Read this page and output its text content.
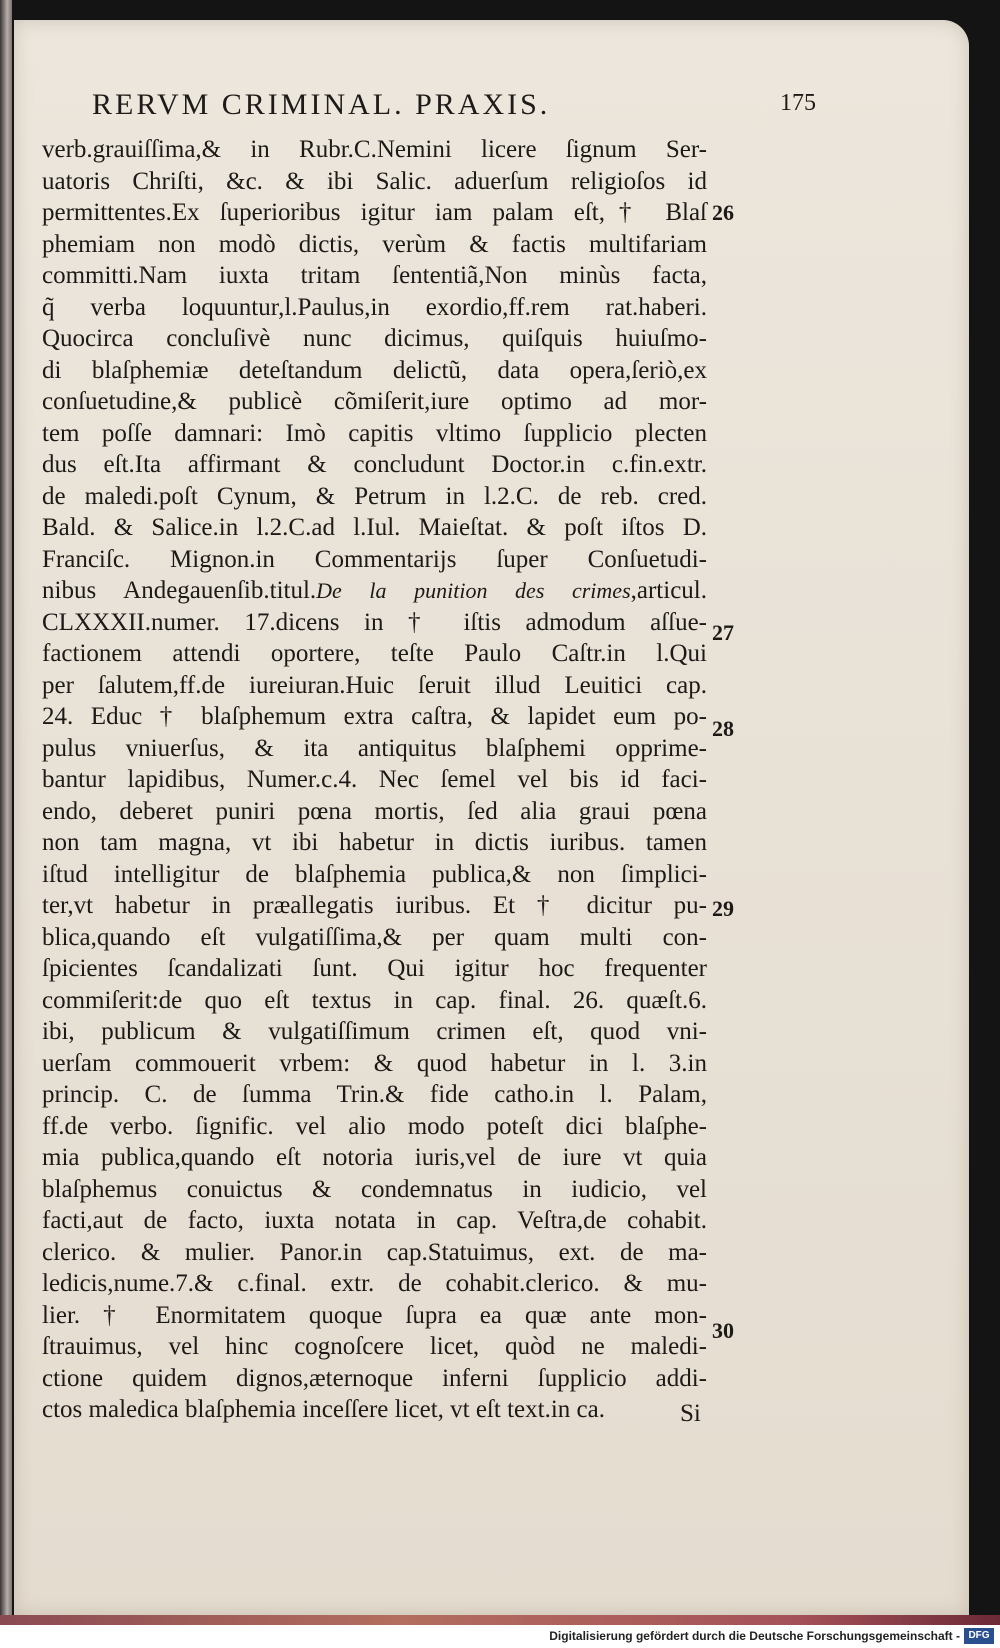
RERVM CRIMINAL. PRAXIS.	175
verb.grauiſſima,& in Rubr.C.Nemini licere ſignum Ser-
uatoris Chriſti, &c. & ibi Salic. aduerſum religioſos id
permittentes.Ex ſuperioribus igitur iam palam eſt,† Blaſ
phemiam non modò dictis, verùm & factis multifariam
committi.Nam iuxta tritam ſententiã,Non minùs facta,
q̃ verba loquuntur,l.Paulus,in exordio,ff.rem rat.haberi.
Quocirca concluſivè nunc dicimus, quiſquis huiuſmo-
di blaſphemiæ deteſtandum delictũ, data opera,ſeriò,ex
conſuetudine,& publicè cõmiſerit,iure optimo ad mor-
tem poſſe damnari: Imò capitis vltimo ſupplicio plecten
dus eſt.Ita affirmant & concludunt Doctor.in c.fin.extr.
de maledi.poſt Cynum, & Petrum in l.2.C. de reb. cred.
Bald. & Salice.in l.2.C.ad l.Iul. Maieſtat. & poſt iſtos D.
Franciſc. Mignon.in Commentarijs ſuper Conſuetudi-
nibus Andegauenſib.titul.De la punition des crimes,articul.
CLXXXII.numer. 17.dicens in † iſtis admodum aſſue-
factionem attendi oportere, teſte Paulo Caſtr.in l.Qui
per ſalutem,ff.de iureiuran.Huic ſeruit illud Leuitici cap.
24. Educ † blaſphemum extra caſtra, & lapidet eum po-
pulus vniuerſus, & ita antiquitus blaſphemi opprime-
bantur lapidibus, Numer.c.4. Nec ſemel vel bis id faci-
endo, deberet puniri pœna mortis, ſed alia graui pœna
non tam magna, vt ibi habetur in dictis iuribus. tamen
iſtud intelligitur de blaſphemia publica,& non ſimplici-
ter,vt habetur in præallegatis iuribus. Et † dicitur pu-
blica,quando eſt vulgatiſſima,& per quam multi con-
ſpicientes ſcandalizati ſunt. Qui igitur hoc frequenter
commiſerit:de quo eſt textus in cap. final. 26. quæſt.6.
ibi, publicum & vulgatiſſimum crimen eſt, quod vni-
uerſam commouerit vrbem: & quod habetur in l. 3.in
princip. C. de ſumma Trin.& fide catho.in l. Palam,
ff.de verbo. ſignific. vel alio modo poteſt dici blaſphe-
mia publica,quando eſt notoria iuris,vel de iure vt quia
blaſphemus conuictus & condemnatus in iudicio, vel
facti,aut de facto, iuxta notata in cap. Veſtra,de cohabit.
clerico. & mulier. Panor.in cap.Statuimus, ext. de ma-
ledicis,nume.7.& c.final. extr. de cohabit.clerico. & mu-
lier. † Enormitatem quoque ſupra ea quæ ante mon-
ſtrauimus, vel hinc cognoſcere licet, quòd ne maledi-
ctione quidem dignos,æternoque inferni ſupplicio addi-
ctos maledica blaſphemia inceſſere licet, vt eſt text.in ca.
26
27
28
29
30
Si
Digitalisierung gefördert durch die Deutsche Forschungsgemeinschaft - DFG
